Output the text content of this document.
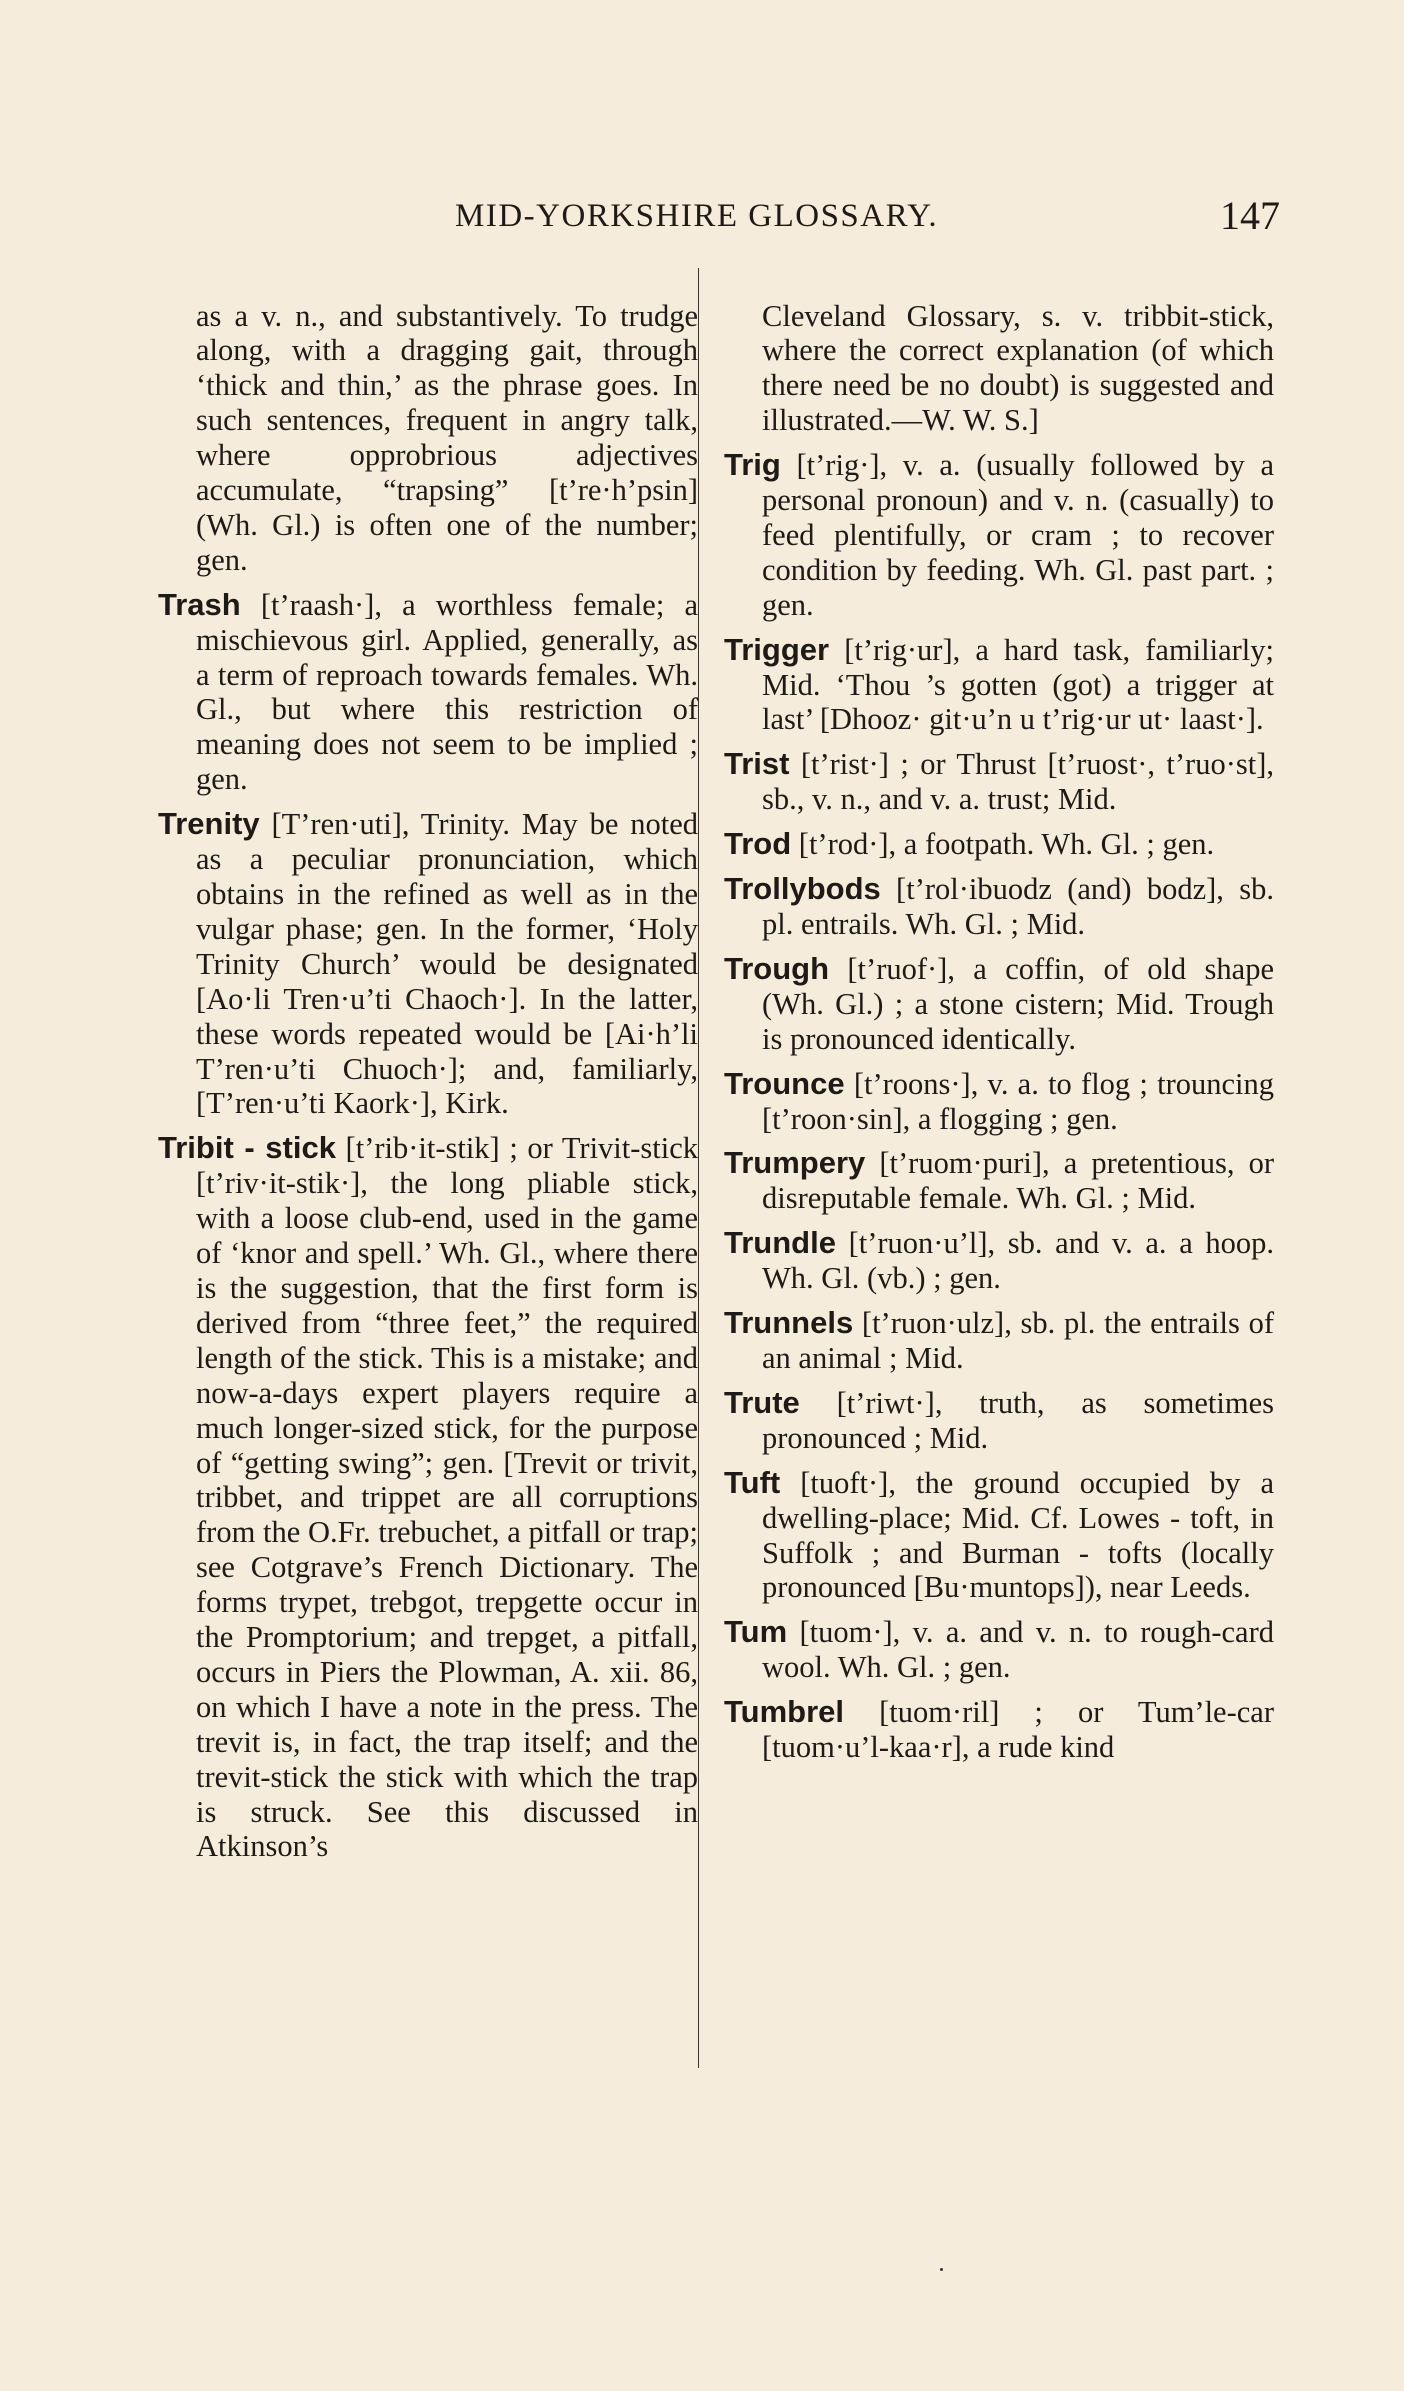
MID-YORKSHIRE GLOSSARY.	147

as a v. n., and substantively. To trudge along, with a dragging gait, through ‘thick and thin,’ as the phrase goes. In such sentences, frequent in angry talk, where opprobrious adjectives accumulate, “trapsing” [t’re·h’psin] (Wh. Gl.) is often one of the number; gen.

Trash [t’raash·], a worthless female; a mischievous girl. Applied, generally, as a term of reproach towards females. Wh. Gl., but where this restriction of meaning does not seem to be implied ; gen.

Trenity [T’ren·uti], Trinity. May be noted as a peculiar pronunciation, which obtains in the refined as well as in the vulgar phase; gen. In the former, ‘Holy Trinity Church’ would be designated [Ao·li Tren·u’ti Chaoch·]. In the latter, these words repeated would be [Ai·h’li T’ren·u’ti Chuoch·]; and, familiarly, [T’ren·u’ti Kaork·], Kirk.

Tribit - stick [t’rib·it-stik] ; or Trivit-stick [t’riv·it-stik·], the long pliable stick, with a loose club-end, used in the game of ‘knor and spell.’ Wh. Gl., where there is the suggestion, that the first form is derived from “three feet,” the required length of the stick. This is a mistake; and now-a-days expert players require a much longer-sized stick, for the purpose of “getting swing”; gen. [Trevit or trivit, tribbet, and trippet are all corruptions from the O.Fr. trebuchet, a pitfall or trap; see Cotgrave’s French Dictionary. The forms trypet, trebgot, trepgette occur in the Promptorium; and trepget, a pitfall, occurs in Piers the Plowman, A. xii. 86, on which I have a note in the press. The trevit is, in fact, the trap itself; and the trevit-stick the stick with which the trap is struck. See this discussed in Atkinson’s

Cleveland Glossary, s. v. tribbit-stick, where the correct explanation (of which there need be no doubt) is suggested and illustrated.—W. W. S.]

Trig [t’rig·], v. a. (usually followed by a personal pronoun) and v. n. (casually) to feed plentifully, or cram ; to recover condition by feeding. Wh. Gl. past part. ; gen.

Trigger [t’rig·ur], a hard task, familiarly; Mid. ‘Thou ’s gotten (got) a trigger at last’ [Dhooz· git·u’n u t’rig·ur ut· laast·].

Trist [t’rist·] ; or Thrust [t’ruost·, t’ruo·st], sb., v. n., and v. a. trust; Mid.

Trod [t’rod·], a footpath. Wh. Gl. ; gen.

Trollybods [t’rol·ibuodz (and) bodz], sb. pl. entrails. Wh. Gl. ; Mid.

Trough [t’ruof·], a coffin, of old shape (Wh. Gl.) ; a stone cistern; Mid. Trough is pronounced identically.

Trounce [t’roons·], v. a. to flog ; trouncing [t’roon·sin], a flogging ; gen.

Trumpery [t’ruom·puri], a pretentious, or disreputable female. Wh. Gl. ; Mid.

Trundle [t’ruon·u’l], sb. and v. a. a hoop. Wh. Gl. (vb.) ; gen.

Trunnels [t’ruon·ulz], sb. pl. the entrails of an animal ; Mid.

Trute [t’riwt·], truth, as sometimes pronounced ; Mid.

Tuft [tuoft·], the ground occupied by a dwelling-place; Mid. Cf. Lowes - toft, in Suffolk ; and Burman - tofts (locally pronounced [Bu·muntops]), near Leeds.

Tum [tuom·], v. a. and v. n. to rough-card wool. Wh. Gl. ; gen.

Tumbrel [tuom·ril] ; or Tum’le-car [tuom·u’l-kaa·r], a rude kind
